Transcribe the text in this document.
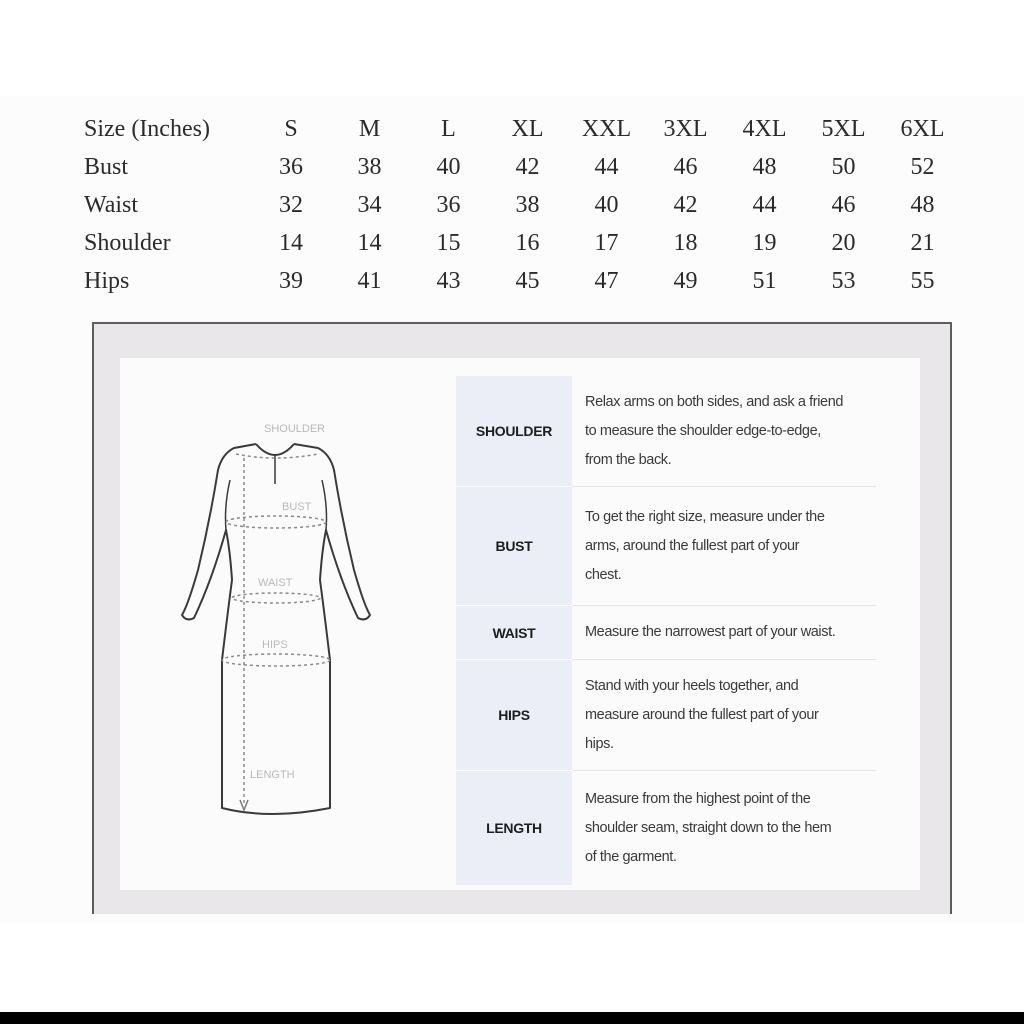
Size (Inches)	S	M	L	XL	XXL	3XL	4XL	5XL	6XL
Bust	36	38	40	42	44	46	48	50	52
Waist	32	34	36	38	40	42	44	46	48
Shoulder	14	14	15	16	17	18	19	20	21
Hips	39	41	43	45	47	49	51	53	55
SHOULDER
BUST
WAIST
HIPS
LENGTH
SHOULDER	Relax arms on both sides, and ask a friend
to measure the shoulder edge-to-edge,
from the back.

BUST	To get the right size, measure under the
arms, around the fullest part of your
chest.

WAIST	Measure the narrowest part of your waist.

HIPS	Stand with your heels together, and
measure around the fullest part of your
hips.

LENGTH	Measure from the highest point of the
shoulder seam, straight down to the hem
of the garment.
